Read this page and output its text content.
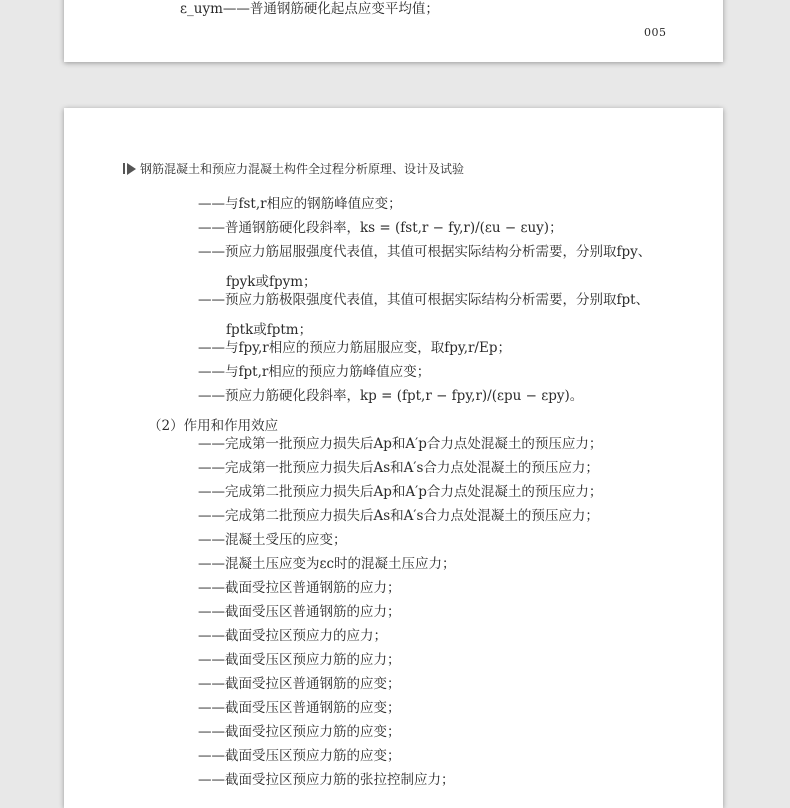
ε_uym——普通钢筋硬化起点应变平均值；
005
钢筋混凝土和预应力混凝土构件全过程分析原理、设计及试验
——与fst,r相应的钢筋峰值应变；
——普通钢筋硬化段斜率，ks = (fst,r − fy,r)/(εu − εuy)；
——预应力筋屈服强度代表值，其值可根据实际结构分析需要，分别取fpy、
fpyk或fpym；
——预应力筋极限强度代表值，其值可根据实际结构分析需要，分别取fpt、
fptk或fptm；
——与fpy,r相应的预应力筋屈服应变，取fpy,r/Ep；
——与fpt,r相应的预应力筋峰值应变；
——预应力筋硬化段斜率，kp = (fpt,r − fpy,r)/(εpu − εpy)。
（2）作用和作用效应
——完成第一批预应力损失后Ap和A′p合力点处混凝土的预压应力；
——完成第一批预应力损失后As和A′s合力点处混凝土的预压应力；
——完成第二批预应力损失后Ap和A′p合力点处混凝土的预压应力；
——完成第二批预应力损失后As和A′s合力点处混凝土的预压应力；
——混凝土受压的应变；
——混凝土压应变为εc时的混凝土压应力；
——截面受拉区普通钢筋的应力；
——截面受压区普通钢筋的应力；
——截面受拉区预应力的应力；
——截面受压区预应力筋的应力；
——截面受拉区普通钢筋的应变；
——截面受压区普通钢筋的应变；
——截面受拉区预应力筋的应变；
——截面受压区预应力筋的应变；
——截面受拉区预应力筋的张拉控制应力；
